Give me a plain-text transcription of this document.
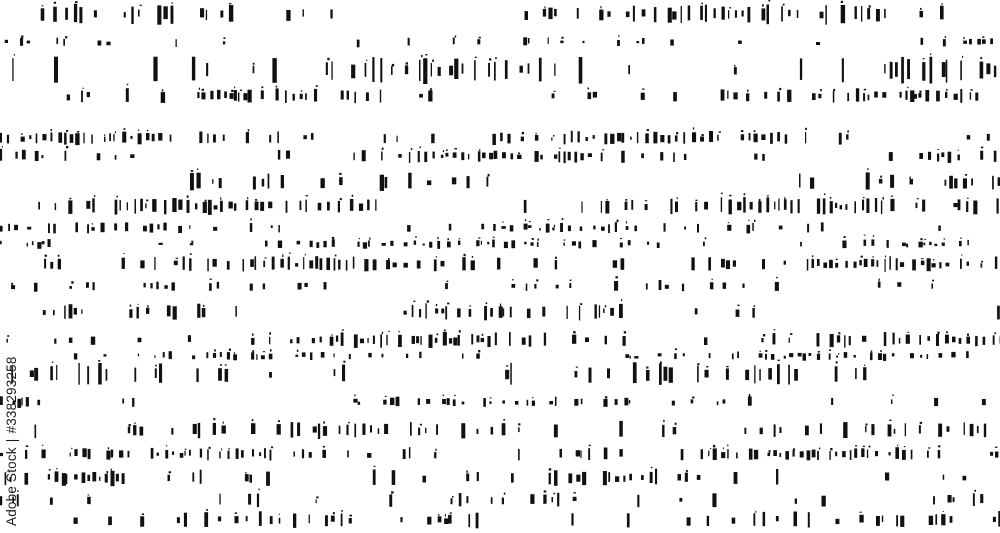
Adobe Stock|#338293258
